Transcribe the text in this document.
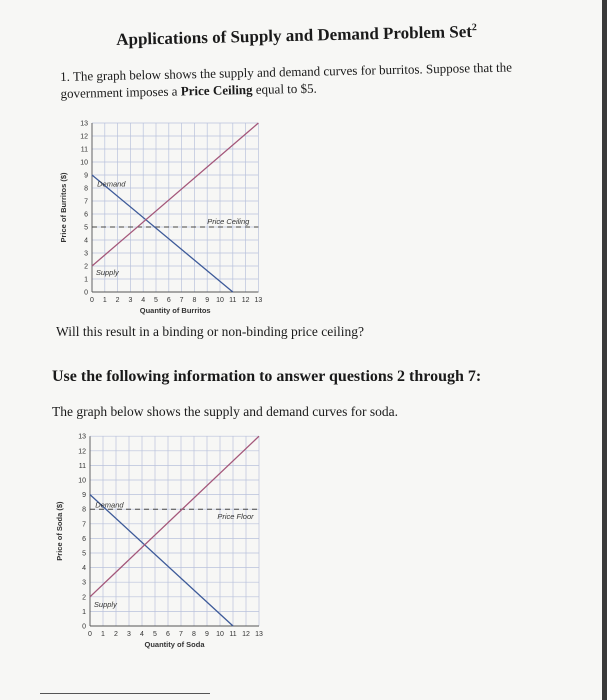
Applications of Supply and Demand Problem Set$^2$
1. The graph below shows the supply and demand curves for burritos. Suppose that the government imposes a Price Ceiling equal to $5.
13
12
11
10
9
8
7
6
5
4
3
2
1
0
0 1 2 3 4 5 6 7 8 9 10 11 12 13
Price of Burritos ($)
Quantity of Burritos
Demand
Supply
Price Ceiling
Will this result in a binding or non-binding price ceiling?
Use the following information to answer questions 2 through 7:
The graph below shows the supply and demand curves for soda.
13
12
11
10
9
8
7
6
5
4
3
2
1
0
0 1 2 3 4 5 6 7 8 9 10 11 12 13
Price of Soda ($)
Quantity of Soda
Demand
Supply
Price Floor
